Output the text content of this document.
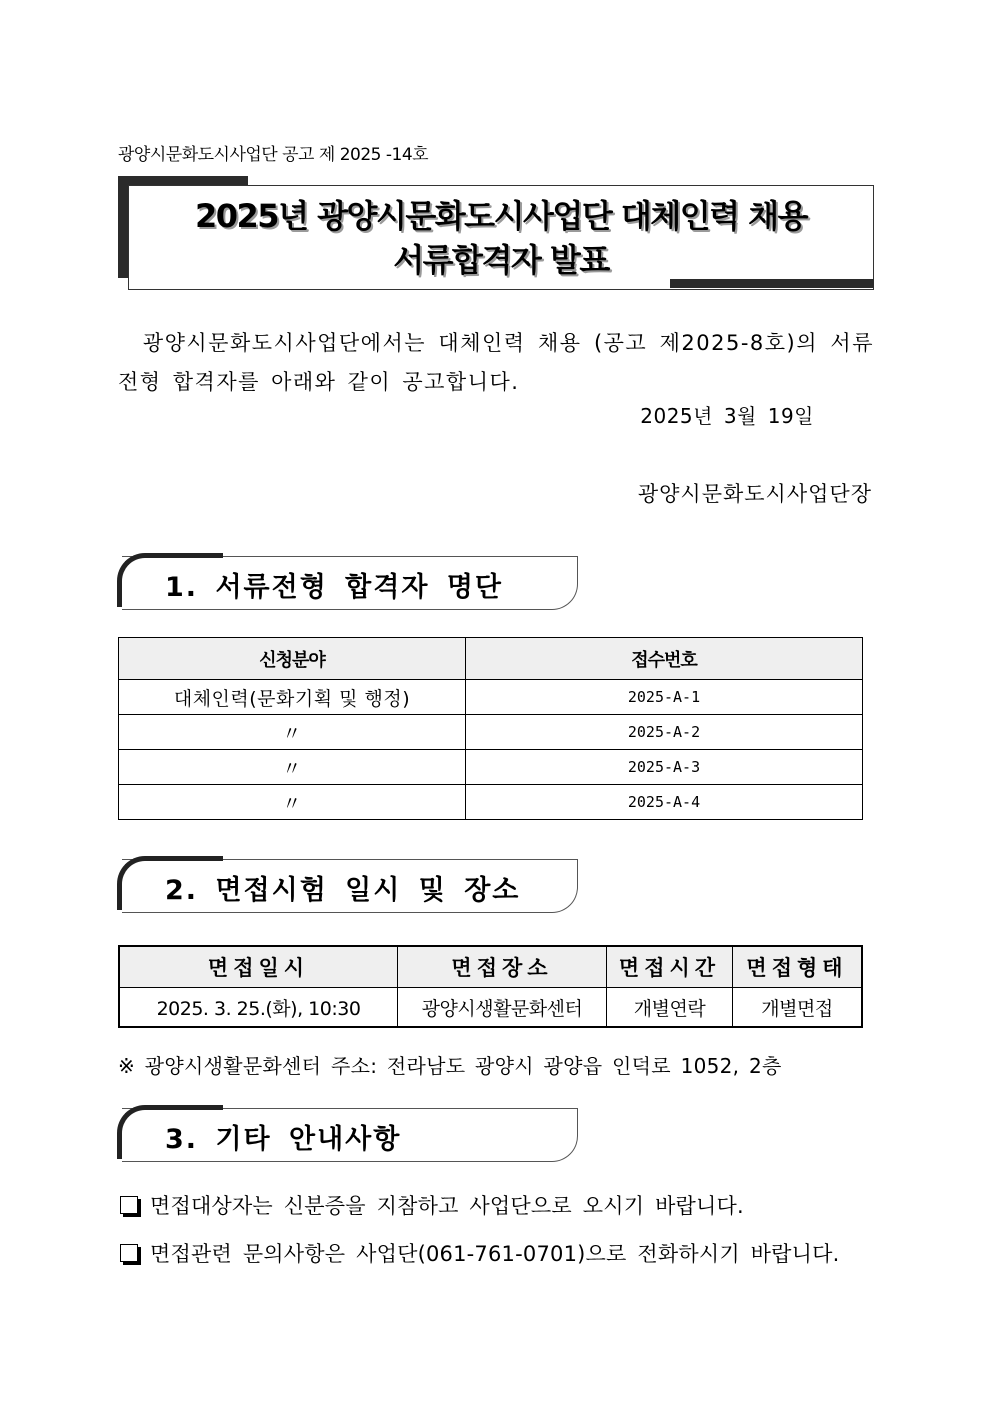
광양시문화도시사업단 공고 제 2025 -14호
2025년 광양시문화도시사업단 대체인력 채용
서류합격자 발표
광양시문화도시사업단에서는 대체인력 채용 (공고 제2025-8호)의 서류 전형 합격자를 아래와 같이 공고합니다.
2025년 3월 19일
광양시문화도시사업단장
1. 서류전형 합격자 명단
신청분야	접수번호
대체인력(문화기획 및 행정)	2025-A-1
〃	2025-A-2
〃	2025-A-3
〃	2025-A-4
2. 면접시험 일시 및 장소
면접일시	면접장소	면접시간	면접형태
2025. 3. 25.(화), 10:30	광양시생활문화센터	개별연락	개별면접
※ 광양시생활문화센터 주소: 전라남도 광양시 광양읍 인덕로 1052, 2층
3. 기타 안내사항
면접대상자는 신분증을 지참하고 사업단으로 오시기 바랍니다.
면접관련 문의사항은 사업단(061-761-0701)으로 전화하시기 바랍니다.
